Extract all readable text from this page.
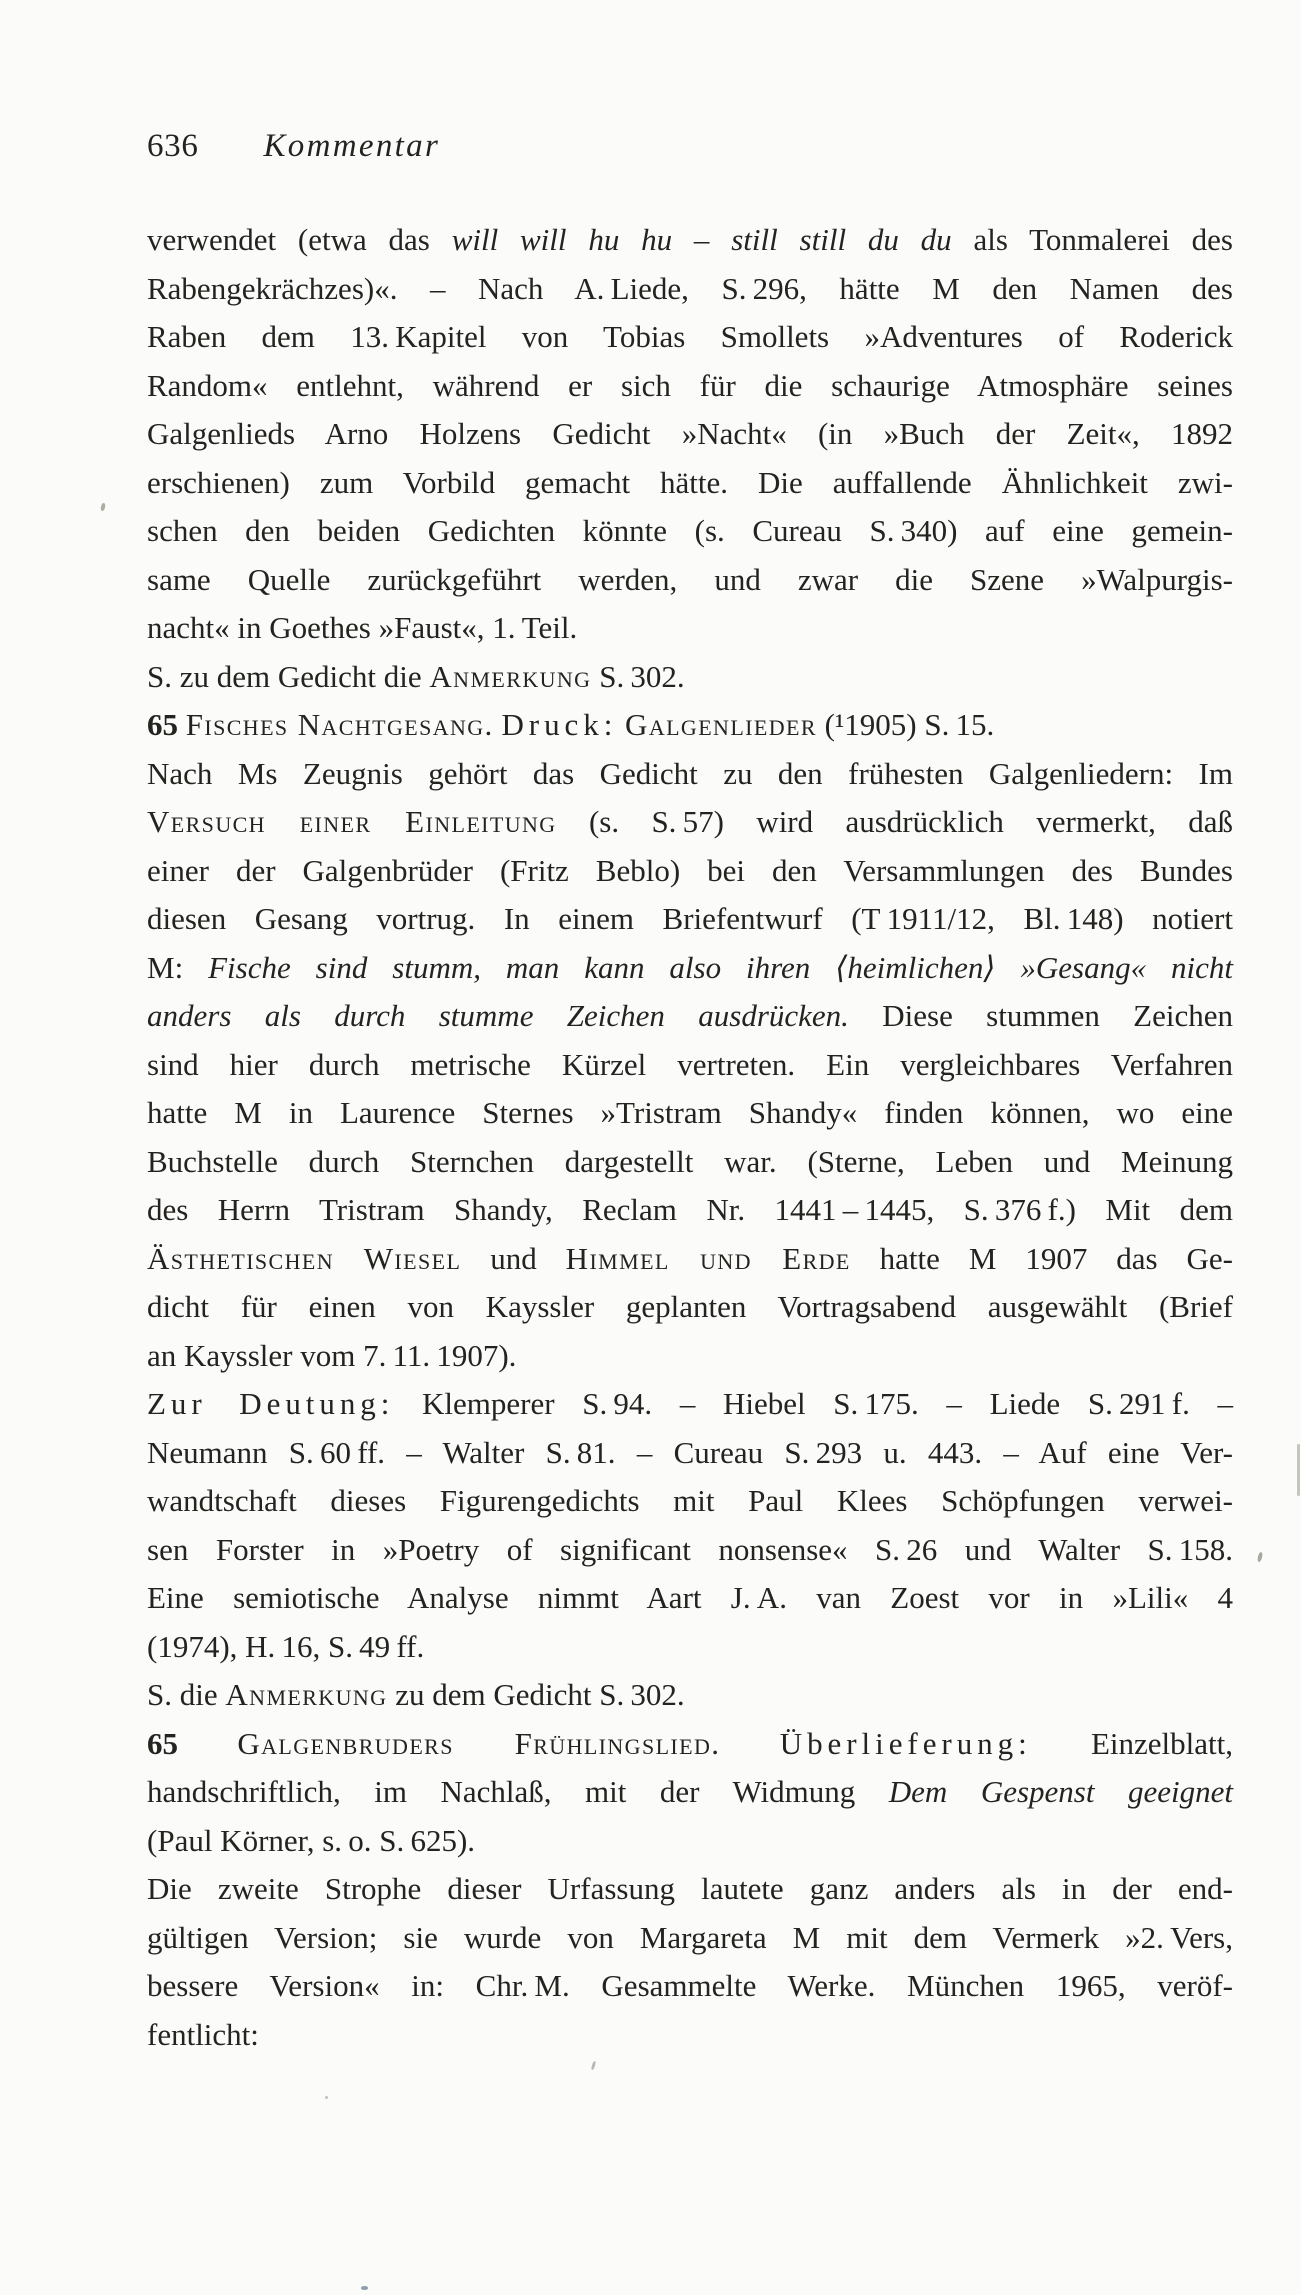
636 Kommentar
verwendet (etwa das will will hu hu – still still du du als Tonmalerei des
Rabengekrächzes)«. – Nach A. Liede, S. 296, hätte M den Namen des
Raben dem 13. Kapitel von Tobias Smollets »Adventures of Roderick
Random« entlehnt, während er sich für die schaurige Atmosphäre seines
Galgenlieds Arno Holzens Gedicht »Nacht« (in »Buch der Zeit«, 1892
erschienen) zum Vorbild gemacht hätte. Die auffallende Ähnlichkeit zwi-
schen den beiden Gedichten könnte (s. Cureau S. 340) auf eine gemein-
same Quelle zurückgeführt werden, und zwar die Szene »Walpurgis-
nacht« in Goethes »Faust«, 1. Teil.
S. zu dem Gedicht die Anmerkung S. 302.
65 Fisches Nachtgesang. Druck: Galgenlieder (¹1905) S. 15.
Nach Ms Zeugnis gehört das Gedicht zu den frühesten Galgenliedern: Im
Versuch einer Einleitung (s. S. 57) wird ausdrücklich vermerkt, daß
einer der Galgenbrüder (Fritz Beblo) bei den Versammlungen des Bundes
diesen Gesang vortrug. In einem Briefentwurf (T 1911/12, Bl. 148) notiert
M: Fische sind stumm, man kann also ihren ⟨heimlichen⟩ »Gesang« nicht
anders als durch stumme Zeichen ausdrücken. Diese stummen Zeichen
sind hier durch metrische Kürzel vertreten. Ein vergleichbares Verfahren
hatte M in Laurence Sternes »Tristram Shandy« finden können, wo eine
Buchstelle durch Sternchen dargestellt war. (Sterne, Leben und Meinung
des Herrn Tristram Shandy, Reclam Nr. 1441 – 1445, S. 376 f.) Mit dem
Ästhetischen Wiesel und Himmel und Erde hatte M 1907 das Ge-
dicht für einen von Kayssler geplanten Vortragsabend ausgewählt (Brief
an Kayssler vom 7. 11. 1907).
Zur Deutung: Klemperer S. 94. – Hiebel S. 175. – Liede S. 291 f. –
Neumann S. 60 ff. – Walter S. 81. – Cureau S. 293 u. 443. – Auf eine Ver-
wandtschaft dieses Figurengedichts mit Paul Klees Schöpfungen verwei-
sen Forster in »Poetry of significant nonsense« S. 26 und Walter S. 158.
Eine semiotische Analyse nimmt Aart J. A. van Zoest vor in »Lili« 4
(1974), H. 16, S. 49 ff.
S. die Anmerkung zu dem Gedicht S. 302.
65 Galgenbruders Frühlingslied. Überlieferung: Einzelblatt,
handschriftlich, im Nachlaß, mit der Widmung Dem Gespenst geeignet
(Paul Körner, s. o. S. 625).
Die zweite Strophe dieser Urfassung lautete ganz anders als in der end-
gültigen Version; sie wurde von Margareta M mit dem Vermerk »2. Vers,
bessere Version« in: Chr. M. Gesammelte Werke. München 1965, veröf-
fentlicht:
